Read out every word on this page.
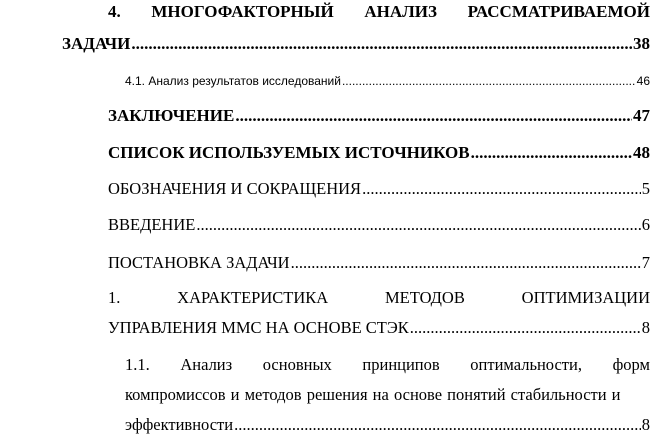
4. МНОГОФАКТОРНЫЙ АНАЛИЗ РАССМАТРИВАЕМОЙ
ЗАДАЧИ .....	38
4.1. Анализ результатов исследований .....	46
ЗАКЛЮЧЕНИЕ .....	47
СПИСОК ИСПОЛЬЗУЕМЫХ ИСТОЧНИКОВ .....	48
ОБОЗНАЧЕНИЯ И СОКРАЩЕНИЯ .....	5
ВВЕДЕНИЕ .....	6
ПОСТАНОВКА ЗАДАЧИ .....	7
1.	ХАРАКТЕРИСТИКА	МЕТОДОВ	ОПТИМИЗАЦИИ
УПРАВЛЕНИЯ ММС НА ОСНОВЕ СТЭК .....	8
1.1. Анализ основных принципов оптимальности, форм
компромиссов и методов решения на основе понятий стабильности и
эффективности .....	8
